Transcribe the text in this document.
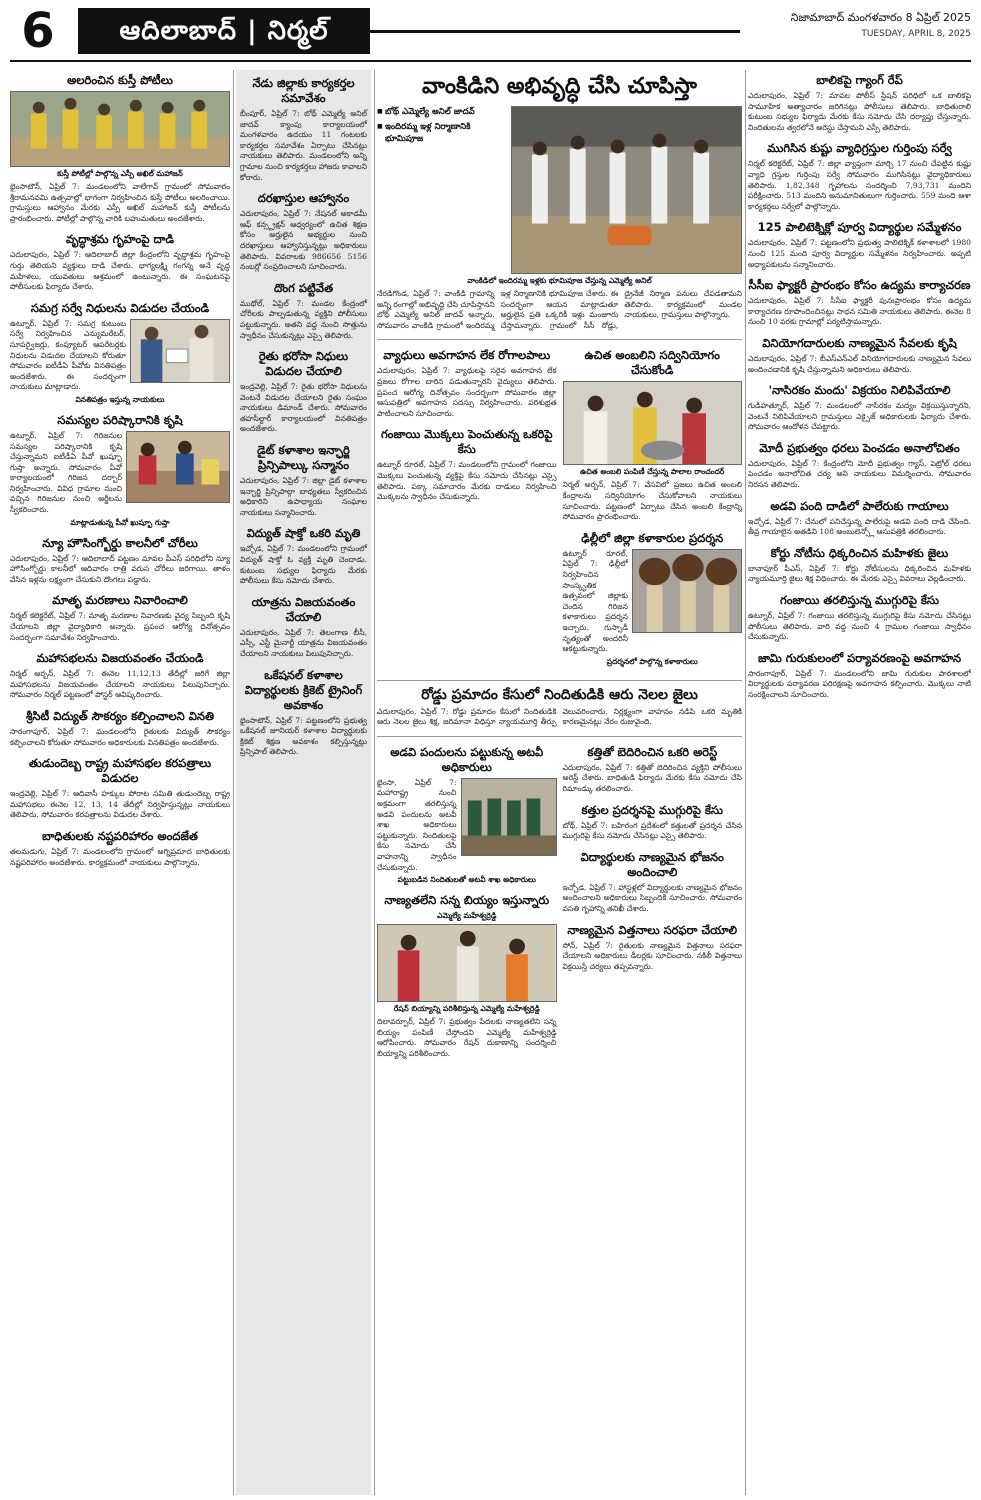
6	ఆదిలాబాద్ | నిర్మల్	నిజామాబాద్ మంగళవారం 8 ఏప్రిల్ 2025
TUESDAY, APRIL 8, 2025
అలరించిన కుస్తీ పోటీలు
కుస్తీ పోటీల్లో పాల్గొన్న ఎస్పీ అఖిల్ మహాజన్
భైంసాటౌన్, ఏప్రిల్ 7: మండలంలోని వాలేగావ్ గ్రామంలో సోమవారం శ్రీరామనవమి ఉత్సవాల్లో భాగంగా నిర్వహించిన కుస్తీ పోటీలు అలరించాయి. గ్రామస్తులు ఆహ్వానం మేరకు ఎస్పీ అఖిల్ మహాజన్ కుస్తీ పోటీలను ప్రారంభించారు. పోటీల్లో పాల్గొన్న వారికి బహుమతులు అందజేశారు.
వృద్ధాశ్రమ గృహంపై దాడి
ఎదులాపురం, ఏప్రిల్ 7: ఆదిలాబాద్ జిల్లా కేంద్రంలోని వృద్ధాశ్రమ గృహంపై గుర్తు తెలియని వ్యక్తులు దాడి చేశారు. భాగ్యలక్ష్మి గంగన్న అనే వృద్ధ మహిళలు, యువతులు ఆశ్రమంలో ఉంటున్నారు. ఈ సంఘటనపై పోలీసులకు ఫిర్యాదు చేశారు.
సమగ్ర సర్వే నిధులను విడుదల చేయండి
ఉట్నూర్, ఏప్రిల్ 7: సమగ్ర కుటుంబ సర్వే నిర్వహించిన ఎన్యుమరేటర్, సూపర్వైజర్లు, కంప్యూటర్ ఆపరేటర్లకు నిధులను విడుదల చేయాలని కోరుతూ సోమవారం ఐటీడీఏ పీవోకు వినతిపత్రం అందజేశారు. ఈ సందర్భంగా నాయకులు మాట్లాడారు.
వినతిపత్రం ఇస్తున్న నాయకులు
సమస్యల పరిష్కారానికి కృషి
ఉట్నూర్, ఏప్రిల్ 7: గిరిజనుల సమస్యల పరిష్కారానికి కృషి చేస్తున్నామని ఐటీడీఏ పీవో ఖుష్బూ గుప్తా అన్నారు. సోమవారం పీవో కార్యాలయంలో గిరిజన దర్బార్ నిర్వహించారు. వివిధ గ్రామాల నుంచి వచ్చిన గిరిజనుల నుంచి అర్జీలను స్వీకరించారు.
మాట్లాడుతున్న పీవో ఖుష్బూ గుప్తా
న్యూ హౌసింగ్బోర్డు కాలనీలో చోరీలు
ఎదులాపురం, ఏప్రిల్ 7: ఆదిలాబాద్ పట్టణం మావల పీఎస్ పరిధిలోని న్యూ హౌసింగ్బోర్డు కాలనీలో ఆదివారం రాత్రి వరుస చోరీలు జరిగాయి. తాళం వేసిన ఇళ్లను లక్ష్యంగా చేసుకుని దొంగలు పడ్డారు.
మాతృ మరణాలు నివారించాలి
నిర్మల్ కలెక్టరేట్, ఏప్రిల్ 7: మాతృ మరణాల నివారణకు వైద్య సిబ్బంది కృషి చేయాలని జిల్లా వైద్యాధికారి అన్నారు. ప్రపంచ ఆరోగ్య దినోత్సవం సందర్భంగా సమావేశం నిర్వహించారు.
మహాసభలను విజయవంతం చేయండి
నిర్మల్ అర్బన్, ఏప్రిల్ 7: ఈనెల 11,12,13 తేదీల్లో జరిగే జిల్లా మహాసభలను విజయవంతం చేయాలని నాయకులు పిలుపునిచ్చారు. సోమవారం నిర్మల్ పట్టణంలో పోస్టర్ ఆవిష్కరించారు.
శ్రీసిటీ విద్యుత్ సౌకర్యం కల్పించాలని వినతి
సారంగాపూర్, ఏప్రిల్ 7: మండలంలోని రైతులకు విద్యుత్ సౌకర్యం కల్పించాలని కోరుతూ సోమవారం అధికారులకు వినతిపత్రం అందజేశారు.
తుడుందెబ్బ రాష్ట్ర మహాసభల కరపత్రాలు విడుదల
ఇంద్రవెల్లి, ఏప్రిల్ 7: ఆదివాసీ హక్కుల పోరాట సమితి తుడుందెబ్బ రాష్ట్ర మహాసభలు ఈనెల 12, 13, 14 తేదీల్లో నిర్వహిస్తున్నట్లు నాయకులు తెలిపారు. సోమవారం కరపత్రాలను విడుదల చేశారు.
బాధితులకు నష్టపరిహారం అందజేత
తలమడుగు, ఏప్రిల్ 7: మండలంలోని గ్రామంలో అగ్నిప్రమాద బాధితులకు నష్టపరిహారం అందజేశారు. కార్యక్రమంలో నాయకులు పాల్గొన్నారు.
నేడు జిల్లాకు కార్యకర్తల సమావేశం
బీంపూర్, ఏప్రిల్ 7: బోథ్ ఎమ్మెల్యే అనిల్ జాదవ్ క్యాంపు కార్యాలయంలో మంగళవారం ఉదయం 11 గంటలకు కార్యకర్తల సమావేశం ఏర్పాటు చేసినట్లు నాయకులు తెలిపారు. మండలంలోని అన్ని గ్రామాల నుంచి కార్యకర్తలు హాజరు కావాలని కోరారు.
దరఖాస్తుల ఆహ్వానం
ఎదులాపురం, ఏప్రిల్ 7: నేషనల్ అకాడమీ ఆఫ్ కన్స్ట్రక్షన్ ఆధ్వర్యంలో ఉచిత శిక్షణ కోసం అర్హులైన అభ్యర్థుల నుంచి దరఖాస్తులు ఆహ్వానిస్తున్నట్లు అధికారులు తెలిపారు. వివరాలకు 986656 5156 నంబర్లో సంప్రదించాలని సూచించారు.
దొంగ పట్టివేత
ముథోల్, ఏప్రిల్ 7: మండల కేంద్రంలో చోరీలకు పాల్పడుతున్న వ్యక్తిని పోలీసులు పట్టుకున్నారు. అతని వద్ద నుంచి సొత్తును స్వాధీనం చేసుకున్నట్లు ఎస్సై తెలిపారు.
రైతు భరోసా నిధులు విడుదల చేయాలి
ఇంద్రవెల్లి, ఏప్రిల్ 7: రైతు భరోసా నిధులను వెంటనే విడుదల చేయాలని రైతు సంఘం నాయకులు డిమాండ్ చేశారు. సోమవారం తహసీల్దార్ కార్యాలయంలో వినతిపత్రం అందజేశారు.
డైట్ కళాశాల ఇన్ఛార్జి ప్రిన్సిపాల్కు సన్మానం
ఎదులాపురం, ఏప్రిల్ 7: జిల్లా డైట్ కళాశాల ఇన్ఛార్జి ప్రిన్సిపాల్గా బాధ్యతలు స్వీకరించిన అధికారిని ఉపాధ్యాయ సంఘాల నాయకులు సన్మానించారు.
విద్యుత్ షాక్తో ఒకరి మృతి
ఇచ్చోడ, ఏప్రిల్ 7: మండలంలోని గ్రామంలో విద్యుత్ షాక్తో ఓ వ్యక్తి మృతి చెందాడు. కుటుంబ సభ్యుల ఫిర్యాదు మేరకు పోలీసులు కేసు నమోదు చేశారు.
యాత్రను విజయవంతం చేయాలి
ఎదులాపురం, ఏప్రిల్ 7: తెలంగాణ బీసీ, ఎస్సీ, ఎస్టీ మైనార్టీ యాత్రను విజయవంతం చేయాలని నాయకులు పిలుపునిచ్చారు.
ఒకేషనల్ కళాశాల విద్యార్థులకు క్రికెట్ ట్రైనింగ్ అవకాశం
భైంసాటౌన్, ఏప్రిల్ 7: పట్టణంలోని ప్రభుత్వ ఒకేషనల్ జూనియర్ కళాశాల విద్యార్థులకు క్రికెట్ శిక్షణ అవకాశం కల్పిస్తున్నట్లు ప్రిన్సిపాల్ తెలిపారు.
వాంకిడిని అభివృద్ధి చేసి చూపిస్తా
■ బోథ్ ఎమ్మెల్యే అనిల్ జాదవ్
■ ఇందిరమ్మ ఇళ్ల నిర్మాణానికి భూమిపూజ
వాంకిడిలో ఇందిరమ్మ ఇళ్లకు భూమిపూజ చేస్తున్న ఎమ్మెల్యే అనిల్
నేరడిగొండ, ఏప్రిల్ 7: వాంకిడి గ్రామాన్ని అన్ని రంగాల్లో అభివృద్ధి చేసి చూపిస్తానని బోథ్ ఎమ్మెల్యే అనిల్ జాదవ్ అన్నారు. సోమవారం వాంకిడి గ్రామంలో ఇందిరమ్మ ఇళ్ల నిర్మాణానికి భూమిపూజ చేశారు. ఈ సందర్భంగా ఆయన మాట్లాడుతూ అర్హులైన ప్రతి ఒక్కరికీ ఇళ్లు మంజూరు చేస్తామన్నారు. గ్రామంలో సీసీ రోడ్లు, డ్రైనేజీ నిర్మాణ పనులు చేపడతామని తెలిపారు. కార్యక్రమంలో మండల నాయకులు, గ్రామస్తులు పాల్గొన్నారు.
వ్యాధులు అవగాహన లేక రోగాలపాలు
ఎదులాపురం, ఏప్రిల్ 7: వ్యాధులపై సరైన అవగాహన లేక ప్రజలు రోగాల బారిన పడుతున్నారని వైద్యులు తెలిపారు. ప్రపంచ ఆరోగ్య దినోత్సవం సందర్భంగా సోమవారం జిల్లా ఆసుపత్రిలో అవగాహన సదస్సు నిర్వహించారు. పరిశుభ్రత పాటించాలని సూచించారు.
గంజాయి మొక్కలు పెంచుతున్న ఒకరిపై కేసు
ఉట్నూర్ రూరల్, ఏప్రిల్ 7: మండలంలోని గ్రామంలో గంజాయి మొక్కలు పెంచుతున్న వ్యక్తిపై కేసు నమోదు చేసినట్లు ఎస్సై తెలిపారు. పక్కా సమాచారం మేరకు దాడులు నిర్వహించి మొక్కలను స్వాధీనం చేసుకున్నారు.
ఉచిత అంబలిని సద్వినియోగం చేసుకోండి
ఉచిత అంబలి పంపిణీ చేస్తున్న పాలాల రాంచందర్
నిర్మల్ అర్బన్, ఏప్రిల్ 7: వేసవిలో ప్రజలు ఉచిత అంబలి కేంద్రాలను సద్వినియోగం చేసుకోవాలని నాయకులు సూచించారు. పట్టణంలో ఏర్పాటు చేసిన అంబలి కేంద్రాన్ని సోమవారం ప్రారంభించారు.
ఢిల్లీలో జిల్లా కళాకారుల ప్రదర్శన
ఉట్నూర్ రూరల్, ఏప్రిల్ 7: ఢిల్లీలో నిర్వహించిన సాంస్కృతిక ఉత్సవంలో జిల్లాకు చెందిన గిరిజన కళాకారులు ప్రదర్శన ఇచ్చారు. గుస్సాడీ నృత్యంతో అందరినీ ఆకట్టుకున్నారు.
ప్రదర్శనలో పాల్గొన్న కళాకారులు
రోడ్డు ప్రమాదం కేసులో నిందితుడికి ఆరు నెలల జైలు
ఎదులాపురం, ఏప్రిల్ 7: రోడ్డు ప్రమాదం కేసులో నిందితుడికి ఆరు నెలల జైలు శిక్ష, జరిమానా విధిస్తూ న్యాయమూర్తి తీర్పు వెలువరించారు. నిర్లక్ష్యంగా వాహనం నడిపి ఒకరి మృతికి కారణమైనట్లు నేరం రుజువైంది.
అడవి పందులను పట్టుకున్న అటవీ అధికారులు
భైంసా, ఏప్రిల్ 7: మహారాష్ట్ర నుంచి అక్రమంగా తరలిస్తున్న అడవి పందులను అటవీ శాఖ అధికారులు పట్టుకున్నారు. నిందితులపై కేసు నమోదు చేసి వాహనాన్ని స్వాధీనం చేసుకున్నారు.
పట్టుబడిన నిందితులతో అటవీ శాఖ అధికారులు
నాణ్యతలేని సన్న బియ్యం ఇస్తున్నారు
ఎమ్మెల్యే మహేశ్వర్రెడ్డి
రేషన్ బియ్యాన్ని పరిశీలిస్తున్న ఎమ్మెల్యే మహేశ్వర్రెడ్డి
దిలావర్పూర్, ఏప్రిల్ 7: ప్రభుత్వం పేదలకు నాణ్యతలేని సన్న బియ్యం పంపిణీ చేస్తోందని ఎమ్మెల్యే మహేశ్వర్రెడ్డి ఆరోపించారు. సోమవారం రేషన్ దుకాణాన్ని సందర్శించి బియ్యాన్ని పరిశీలించారు.
కత్తితో బెదిరించిన ఒకరి అరెస్ట్
ఎదులాపురం, ఏప్రిల్ 7: కత్తితో బెదిరించిన వ్యక్తిని పోలీసులు అరెస్ట్ చేశారు. బాధితుడి ఫిర్యాదు మేరకు కేసు నమోదు చేసి రిమాండ్కు తరలించారు.
కత్తుల ప్రదర్శనపై ముగ్గురిపై కేసు
బోథ్, ఏప్రిల్ 7: బహిరంగ ప్రదేశంలో కత్తులతో ప్రదర్శన చేసిన ముగ్గురిపై కేసు నమోదు చేసినట్లు ఎస్సై తెలిపారు.
విద్యార్థులకు నాణ్యమైన భోజనం అందించాలి
ఇచ్చోడ, ఏప్రిల్ 7: హాస్టళ్లలో విద్యార్థులకు నాణ్యమైన భోజనం అందించాలని అధికారులు సిబ్బందికి సూచించారు. సోమవారం వసతి గృహాన్ని తనిఖీ చేశారు.
నాణ్యమైన విత్తనాలు సరఫరా చేయాలి
సోన్, ఏప్రిల్ 7: రైతులకు నాణ్యమైన విత్తనాలు సరఫరా చేయాలని అధికారులు డీలర్లకు సూచించారు. నకిలీ విత్తనాలు విక్రయిస్తే చర్యలు తప్పవన్నారు.
బాలికపై గ్యాంగ్ రేప్
ఎదులాపురం, ఏప్రిల్ 7: మావల పోలీస్ స్టేషన్ పరిధిలో ఒక బాలికపై సామూహిక అత్యాచారం జరిగినట్లు పోలీసులు తెలిపారు. బాధితురాలి కుటుంబ సభ్యుల ఫిర్యాదు మేరకు కేసు నమోదు చేసి దర్యాప్తు చేస్తున్నారు. నిందితులను త్వరలోనే అరెస్టు చేస్తామని ఎస్పీ తెలిపారు.
ముగిసిన కుష్టు వ్యాధిగ్రస్తుల గుర్తింపు సర్వే
నిర్మల్ కలెక్టరేట్, ఏప్రిల్ 7: జిల్లా వ్యాప్తంగా మార్చి 17 నుంచి చేపట్టిన కుష్టు వ్యాధి గ్రస్తుల గుర్తింపు సర్వే సోమవారం ముగిసినట్లు వైద్యాధికారులు తెలిపారు. 1,82,348 గృహాలను సందర్శించి 7,93,731 మందిని పరీక్షించారు. 513 మందిని అనుమానితులుగా గుర్తించారు. 559 మంది ఆశా కార్యకర్తలు సర్వేలో పాల్గొన్నారు.
125 పాలిటెక్నిక్లో పూర్వ విద్యార్థుల సమ్మేళనం
ఎదులాపురం, ఏప్రిల్ 7: పట్టణంలోని ప్రభుత్వ పాలిటెక్నిక్ కళాశాలలో 1980 నుంచి 125 మంది పూర్వ విద్యార్థుల సమ్మేళనం నిర్వహించారు. అప్పటి అధ్యాపకులను సన్మానించారు.
సీసీఐ ఫ్యాక్టరీ ప్రారంభం కోసం ఉద్యమ కార్యాచరణ
ఎదులాపురం, ఏప్రిల్ 7: సీసీఐ ఫ్యాక్టరీ పునఃప్రారంభం కోసం ఉద్యమ కార్యాచరణ రూపొందించినట్లు సాధన సమితి నాయకులు తెలిపారు. ఈనెల 8 నుంచి 10 వరకు గ్రామాల్లో పర్యటిస్తామన్నారు.
వినియోగదారులకు నాణ్యమైన సేవలకు కృషి
ఎదులాపురం, ఏప్రిల్ 7: బీఎస్ఎన్ఎల్ వినియోగదారులకు నాణ్యమైన సేవలు అందించడానికి కృషి చేస్తున్నామని అధికారులు తెలిపారు.
'నాసిరకం మందు' విక్రయం నిలిపివేయాలి
గుడిహత్నూర్, ఏప్రిల్ 7: మండలంలో నాసిరకం మద్యం విక్రయిస్తున్నారని, వెంటనే నిలిపివేయాలని గ్రామస్తులు ఎక్సైజ్ అధికారులకు ఫిర్యాదు చేశారు. సోమవారం ఆందోళన చేపట్టారు.
మోదీ ప్రభుత్వం ధరలు పెంచడం అనాలోచితం
ఎదులాపురం, ఏప్రిల్ 7: కేంద్రంలోని మోదీ ప్రభుత్వం గ్యాస్, పెట్రోల్ ధరలు పెంచడం అనాలోచిత చర్య అని నాయకులు విమర్శించారు. సోమవారం నిరసన తెలిపారు.
అడవి పంది దాడిలో పాలేరుకు గాయాలు
ఇచ్చోడ, ఏప్రిల్ 7: చేనులో పనిచేస్తున్న పాలేరుపై అడవి పంది దాడి చేసింది. తీవ్ర గాయాలైన అతడిని 108 అంబులెన్స్లో ఆసుపత్రికి తరలించారు.
కోర్టు నోటీసు ధిక్కరించిన మహిళకు జైలు
బానాపూర్ పీఎస్, ఏప్రిల్ 7: కోర్టు నోటీసులను ధిక్కరించిన మహిళకు న్యాయమూర్తి జైలు శిక్ష విధించారు. ఈ మేరకు ఎస్సై వివరాలు వెల్లడించారు.
గంజాయి తరలిస్తున్న ముగ్గురిపై కేసు
ఉట్నూర్, ఏప్రిల్ 7: గంజాయి తరలిస్తున్న ముగ్గురిపై కేసు నమోదు చేసినట్లు పోలీసులు తెలిపారు. వారి వద్ద నుంచి 4 గ్రాముల గంజాయి స్వాధీనం చేసుకున్నారు.
జామి గురుకులంలో పర్యావరణంపై అవగాహన
సారంగాపూర్, ఏప్రిల్ 7: మండలంలోని జామి గురుకుల పాఠశాలలో విద్యార్థులకు పర్యావరణ పరిరక్షణపై అవగాహన కల్పించారు. మొక్కలు నాటి సంరక్షించాలని సూచించారు.
